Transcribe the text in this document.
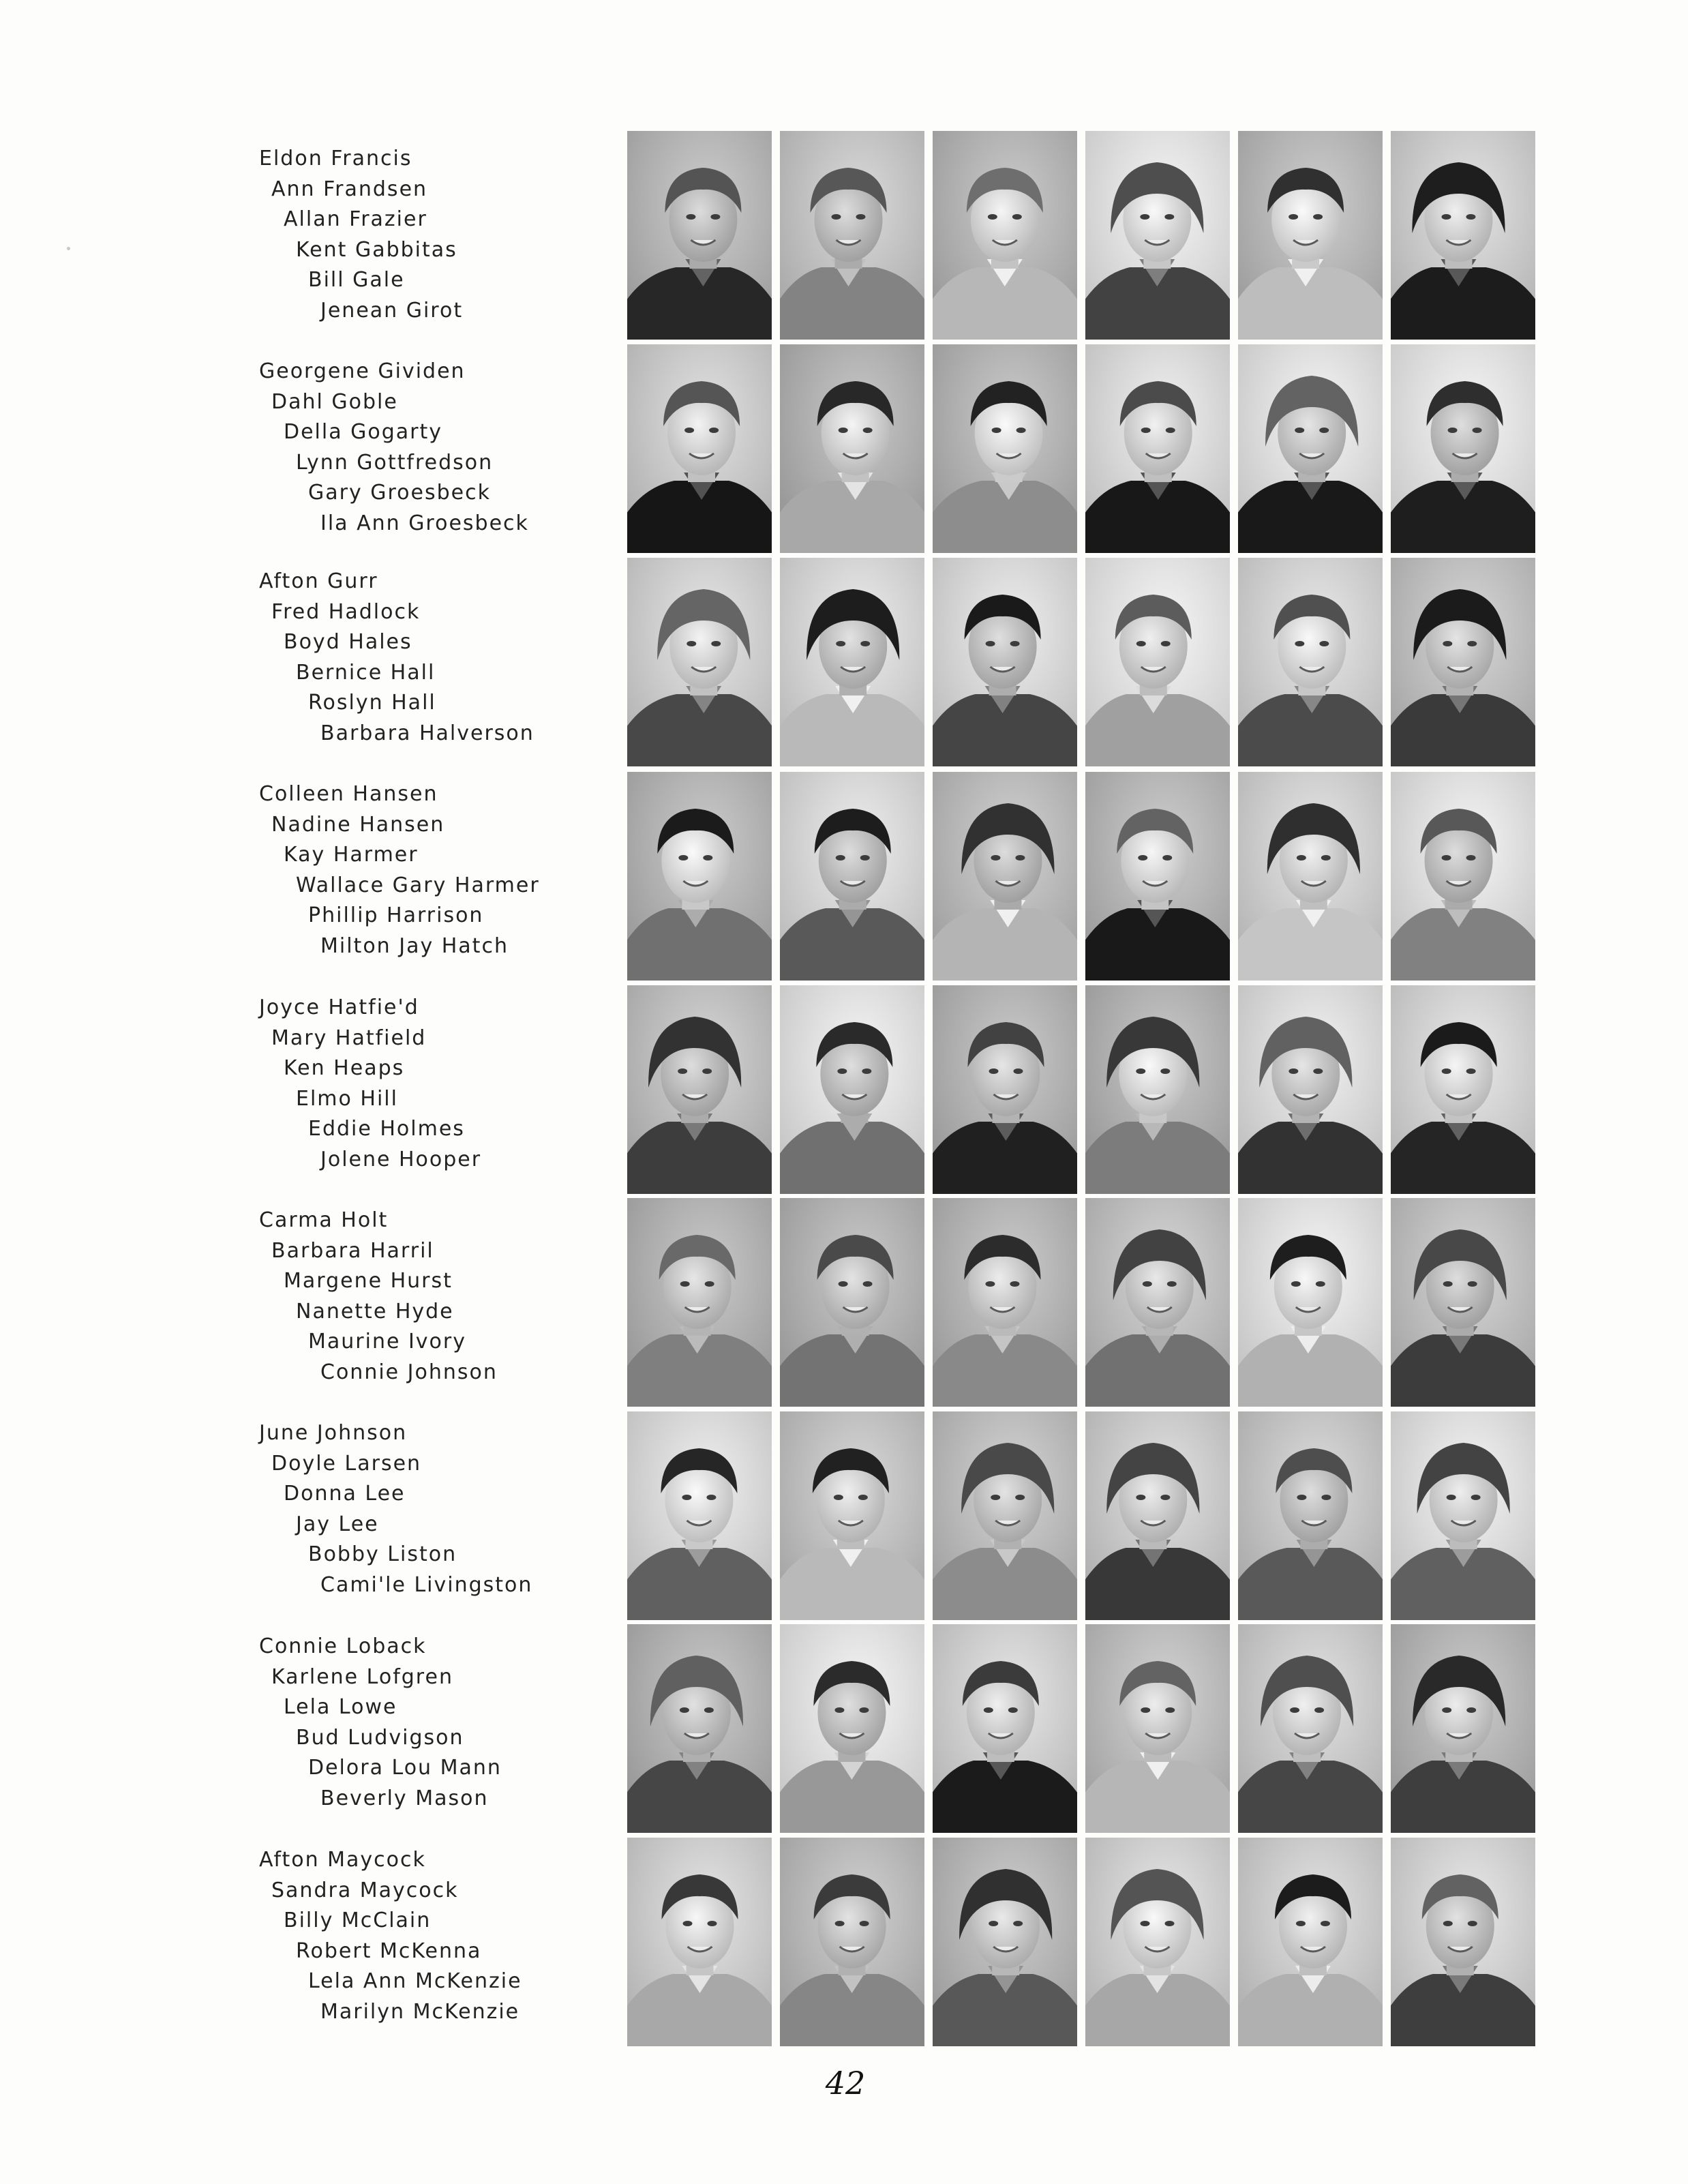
Eldon Francis
Ann Frandsen
Allan Frazier
Kent Gabbitas
Bill Gale
Jenean Girot
Georgene Gividen
Dahl Goble
Della Gogarty
Lynn Gottfredson
Gary Groesbeck
Ila Ann Groesbeck
Afton Gurr
Fred Hadlock
Boyd Hales
Bernice Hall
Roslyn Hall
Barbara Halverson
Colleen Hansen
Nadine Hansen
Kay Harmer
Wallace Gary Harmer
Phillip Harrison
Milton Jay Hatch
Joyce Hatfie'd
Mary Hatfield
Ken Heaps
Elmo Hill
Eddie Holmes
Jolene Hooper
Carma Holt
Barbara Harril
Margene Hurst
Nanette Hyde
Maurine Ivory
Connie Johnson
June Johnson
Doyle Larsen
Donna Lee
Jay Lee
Bobby Liston
Cami'le Livingston
Connie Loback
Karlene Lofgren
Lela Lowe
Bud Ludvigson
Delora Lou Mann
Beverly Mason
Afton Maycock
Sandra Maycock
Billy McClain
Robert McKenna
Lela Ann McKenzie
Marilyn McKenzie
42
